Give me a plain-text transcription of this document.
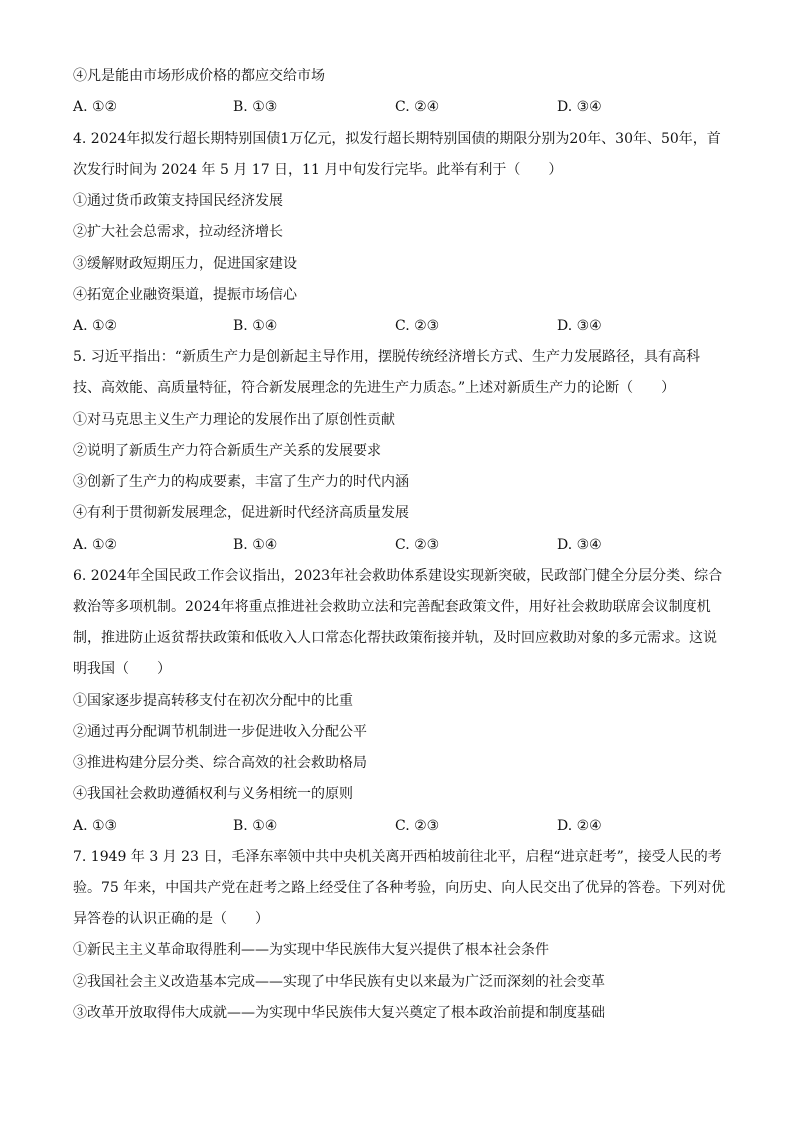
④凡是能由市场形成价格的都应交给市场
A. ①②	B. ①③	C. ②④	D. ③④
4. 2024年拟发行超长期特别国债1万亿元，拟发行超长期特别国债的期限分别为20年、30年、50年，首
次发行时间为 2024 年 5 月 17 日，11 月中旬发行完毕。此举有利于（　　）
①通过货币政策支持国民经济发展
②扩大社会总需求，拉动经济增长
③缓解财政短期压力，促进国家建设
④拓宽企业融资渠道，提振市场信心
A. ①②	B. ①④	C. ②③	D. ③④
5. 习近平指出：“新质生产力是创新起主导作用，摆脱传统经济增长方式、生产力发展路径，具有高科
技、高效能、高质量特征，符合新发展理念的先进生产力质态。”上述对新质生产力的论断（　　）
①对马克思主义生产力理论的发展作出了原创性贡献
②说明了新质生产力符合新质生产关系的发展要求
③创新了生产力的构成要素，丰富了生产力的时代内涵
④有利于贯彻新发展理念，促进新时代经济高质量发展
A. ①②	B. ①④	C. ②③	D. ③④
6. 2024年全国民政工作会议指出，2023年社会救助体系建设实现新突破，民政部门健全分层分类、综合
救治等多项机制。2024年将重点推进社会救助立法和完善配套政策文件，用好社会救助联席会议制度机
制，推进防止返贫帮扶政策和低收入人口常态化帮扶政策衔接并轨，及时回应救助对象的多元需求。这说
明我国（　　）
①国家逐步提高转移支付在初次分配中的比重
②通过再分配调节机制进一步促进收入分配公平
③推进构建分层分类、综合高效的社会救助格局
④我国社会救助遵循权利与义务相统一的原则
A. ①③	B. ①④	C. ②③	D. ②④
7. 1949 年 3 月 23 日，毛泽东率领中共中央机关离开西柏坡前往北平，启程“进京赶考”，接受人民的考
验。75 年来，中国共产党在赶考之路上经受住了各种考验，向历史、向人民交出了优异的答卷。下列对优
异答卷的认识正确的是（　　）
①新民主主义革命取得胜利——为实现中华民族伟大复兴提供了根本社会条件
②我国社会主义改造基本完成——实现了中华民族有史以来最为广泛而深刻的社会变革
③改革开放取得伟大成就——为实现中华民族伟大复兴奠定了根本政治前提和制度基础
